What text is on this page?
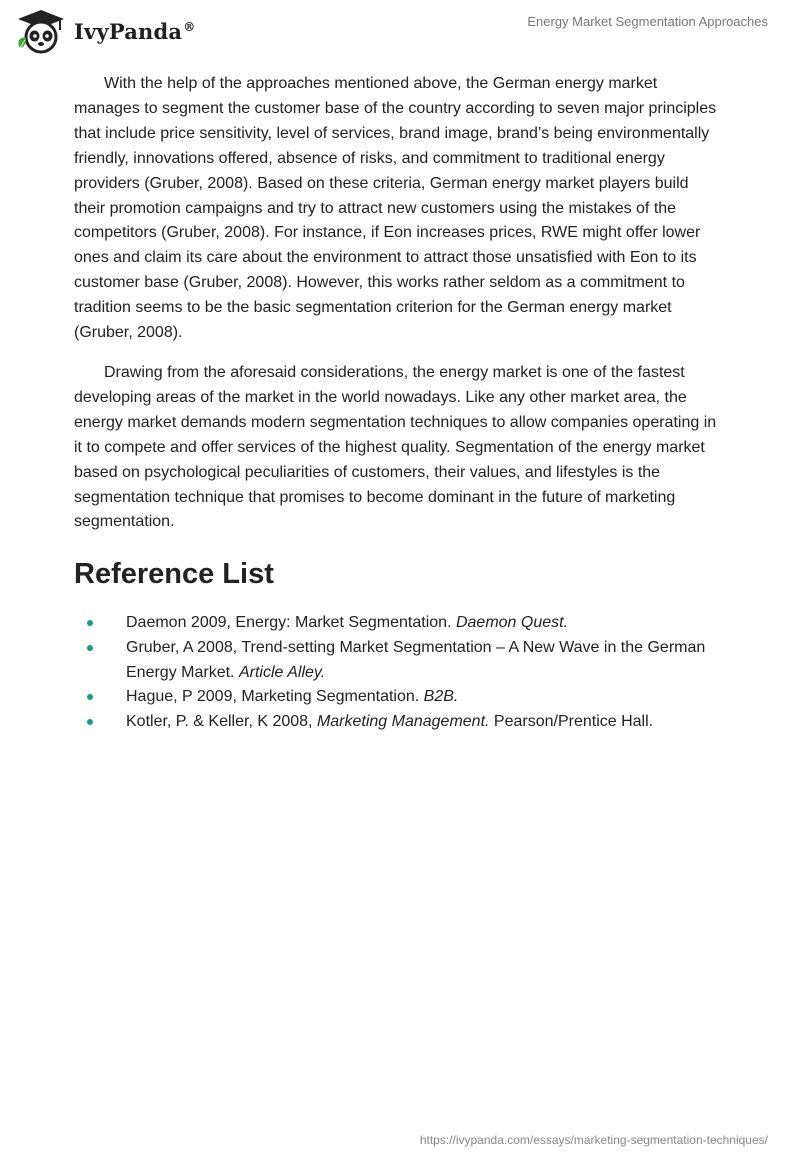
IvyPanda®	Energy Market Segmentation Approaches

With the help of the approaches mentioned above, the German energy market manages to segment the customer base of the country according to seven major principles that include price sensitivity, level of services, brand image, brand’s being environmentally friendly, innovations offered, absence of risks, and commitment to traditional energy providers (Gruber, 2008). Based on these criteria, German energy market players build their promotion campaigns and try to attract new customers using the mistakes of the competitors (Gruber, 2008). For instance, if Eon increases prices, RWE might offer lower ones and claim its care about the environment to attract those unsatisfied with Eon to its customer base (Gruber, 2008). However, this works rather seldom as a commitment to tradition seems to be the basic segmentation criterion for the German energy market (Gruber, 2008).

Drawing from the aforesaid considerations, the energy market is one of the fastest developing areas of the market in the world nowadays. Like any other market area, the energy market demands modern segmentation techniques to allow companies operating in it to compete and offer services of the highest quality. Segmentation of the energy market based on psychological peculiarities of customers, their values, and lifestyles is the segmentation technique that promises to become dominant in the future of marketing segmentation.

Reference List
Daemon 2009, Energy: Market Segmentation. Daemon Quest.
Gruber, A 2008, Trend-setting Market Segmentation – A New Wave in the German Energy Market. Article Alley.
Hague, P 2009, Marketing Segmentation. B2B.
Kotler, P. & Keller, K 2008, Marketing Management. Pearson/Prentice Hall.
https://ivypanda.com/essays/marketing-segmentation-techniques/
